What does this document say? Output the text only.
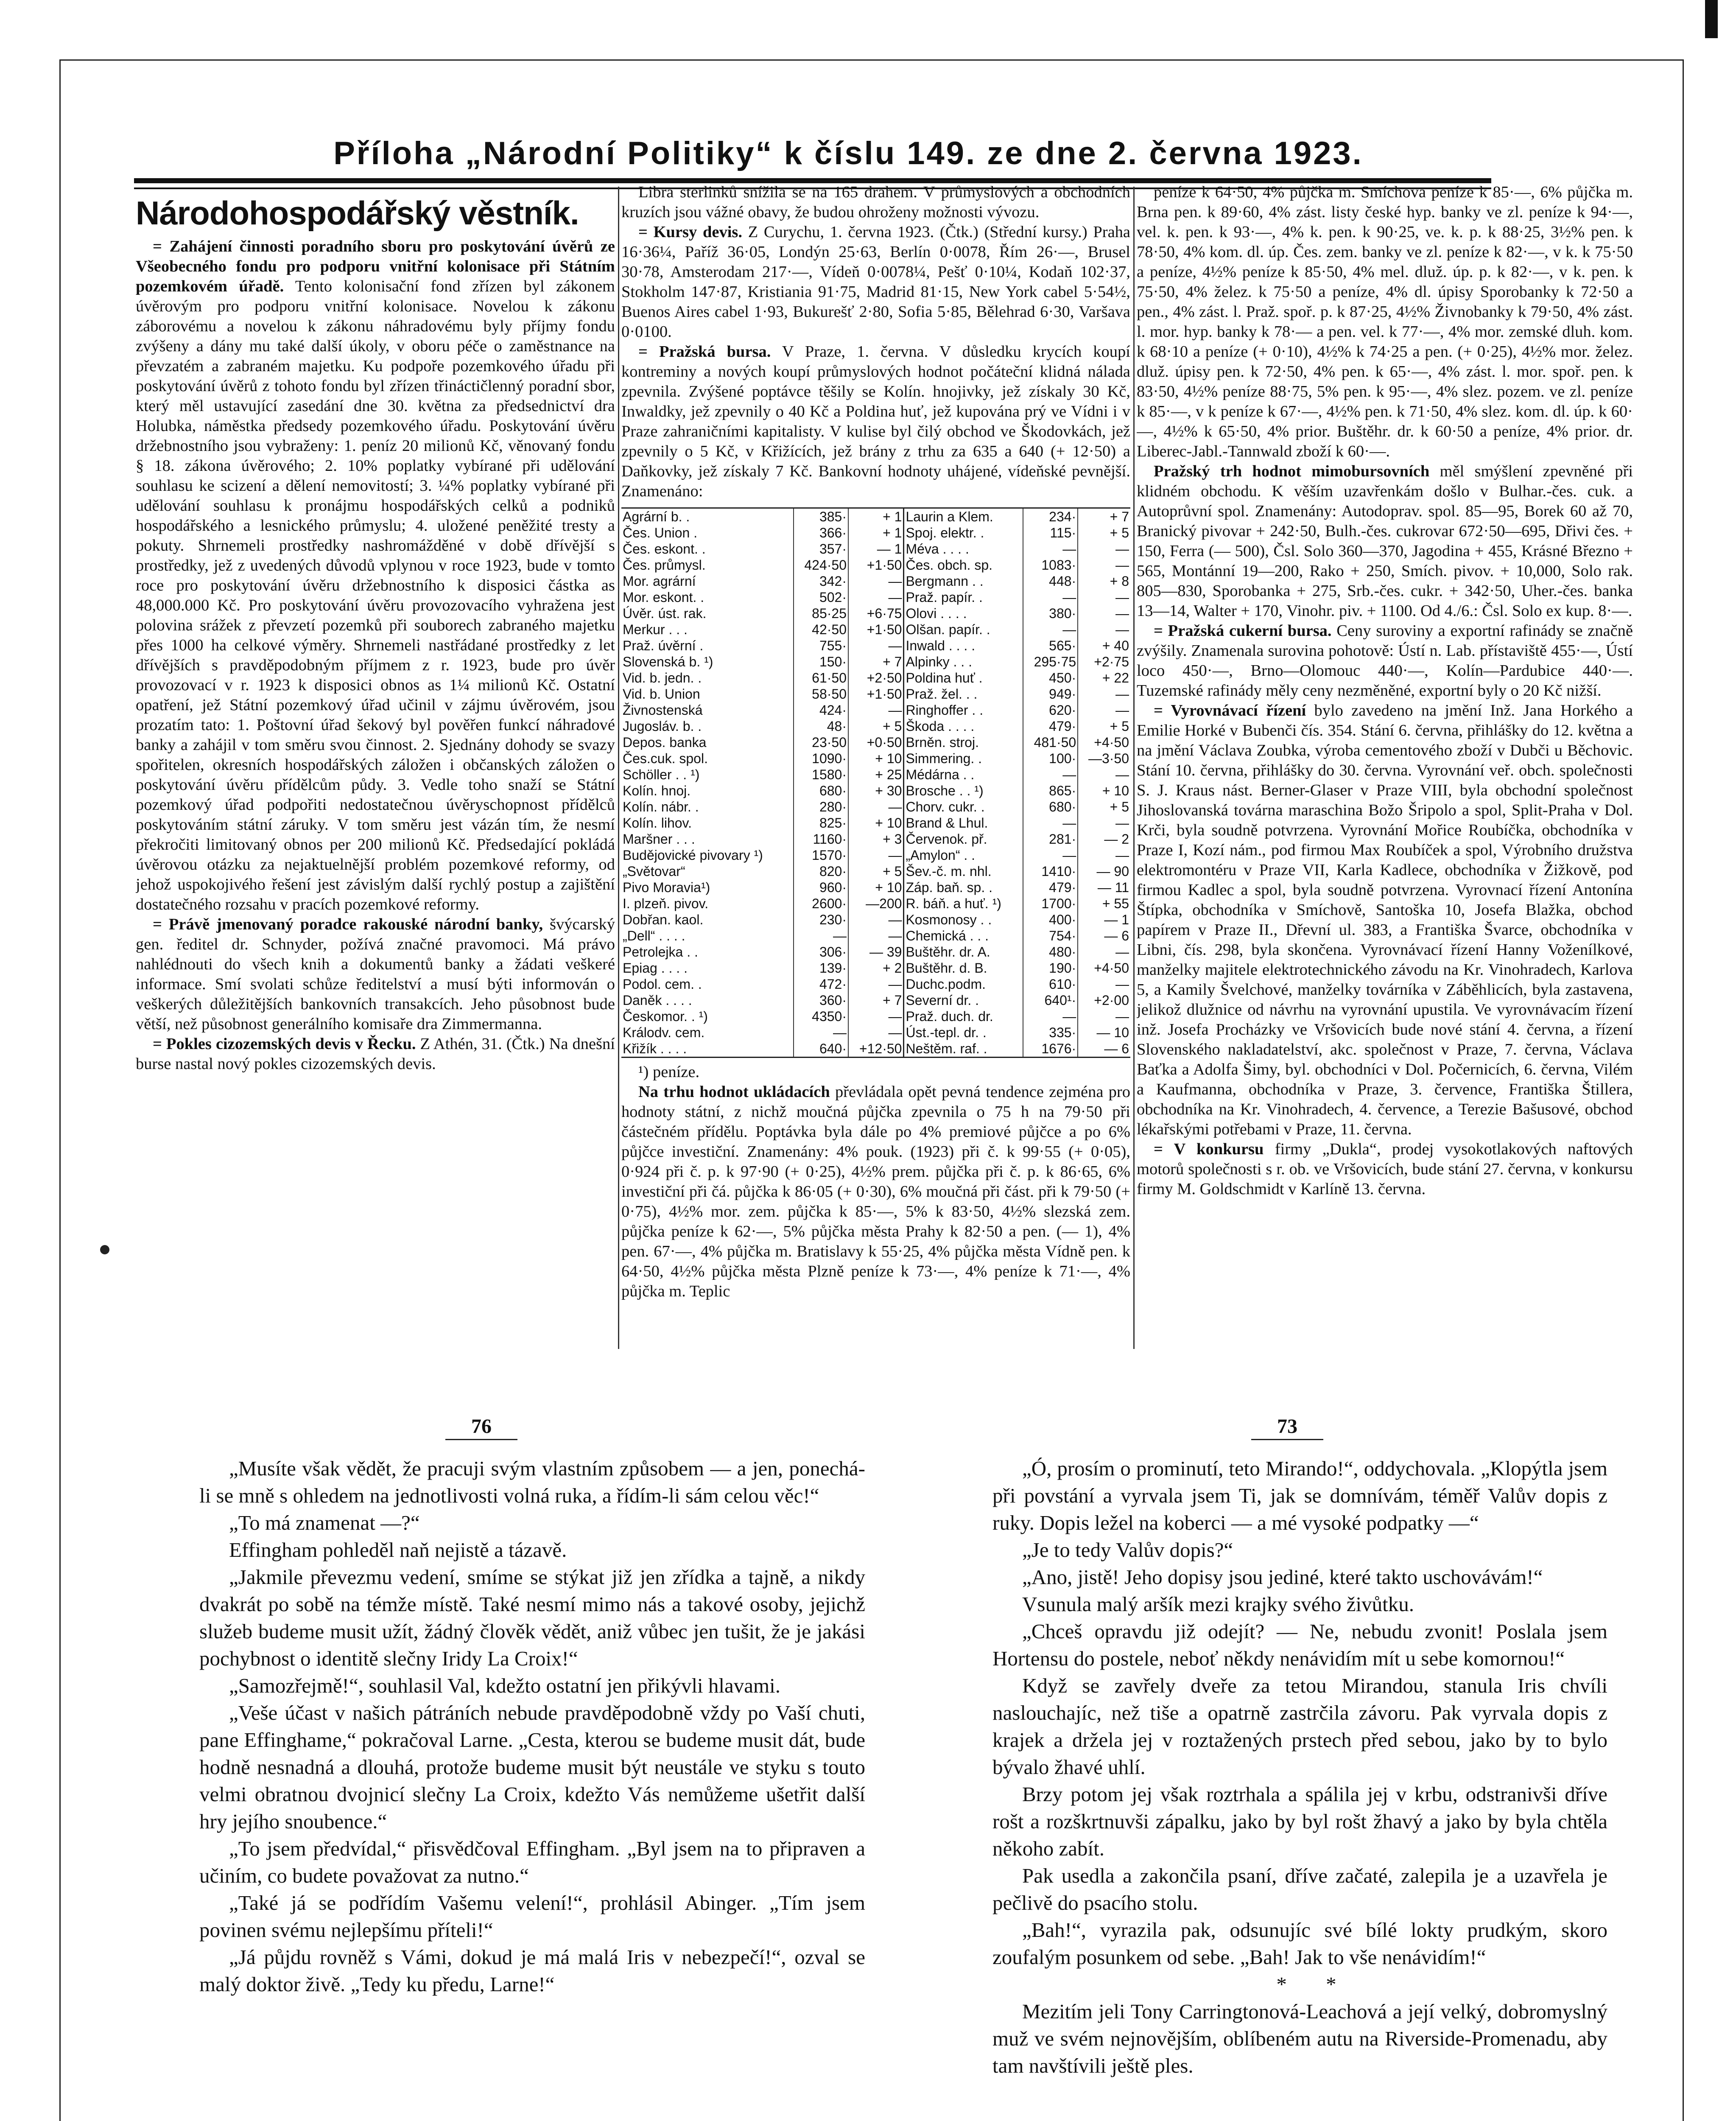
Příloha „Národní Politiky“ k číslu 149. ze dne 2. června 1923.
Národohospodářský věstník.

= Zahájení činnosti poradního sboru pro poskytování úvěrů ze Všeobecného fondu pro podporu vnitřní kolonisace při Státním pozemkovém úřadě. Tento kolonisační fond zřízen byl zákonem úvěrovým pro podporu vnitřní kolonisace. Novelou k zákonu záborovému a novelou k zákonu náhradovému byly příjmy fondu zvýšeny a dány mu také další úkoly, v oboru péče o zaměstnance na převzatém a zabraném majetku. Ku podpoře pozemkového úřadu při poskytování úvěrů z tohoto fondu byl zřízen třináctičlenný poradní sbor, který měl ustavující zasedání dne 30. května za předsednictví dra Holubka, náměstka předsedy pozemkového úřadu. Poskytování úvěru držebnostního jsou vybraženy: 1. peníz 20 milionů Kč, věnovaný fondu § 18. zákona úvěrového; 2. 10% poplatky vybírané při udělování souhlasu ke scizení a dělení nemovitostí; 3. ¼% poplatky vybírané při udělování souhlasu k pronájmu hospodářských celků a podniků hospodářského a lesnického průmyslu; 4. uložené peněžité tresty a pokuty. Shrnemeli prostředky nashromážděné v době dřívější s prostředky, jež z uvedených důvodů vplynou v roce 1923, bude v tomto roce pro poskytování úvěru držebnostního k disposici částka as 48,000.000 Kč. Pro poskytování úvěru provozovacího vyhražena jest polovina srážek z převzetí pozemků při souborech zabraného majetku přes 1000 ha celkové výměry. Shrnemeli nastřádané prostředky z let dřívějších s pravděpodobným příjmem z r. 1923, bude pro úvěr provozovací v r. 1923 k disposici obnos as 1¼ milionů Kč. Ostatní opatření, jež Státní pozemkový úřad učinil v zájmu úvěrovém, jsou prozatím tato: 1. Poštovní úřad šekový byl pověřen funkcí náhradové banky a zahájil v tom směru svou činnost. 2. Sjednány dohody se svazy spořitelen, okresních hospodářských záložen i občanských záložen o poskytování úvěru přídělcům půdy. 3. Vedle toho snaží se Státní pozemkový úřad podpořiti nedostatečnou úvěryschopnost přídělců poskytováním státní záruky. V tom směru jest vázán tím, že nesmí překročiti limitovaný obnos per 200 milionů Kč. Předsedající pokládá úvěrovou otázku za nejaktuelnější problém pozemkové reformy, od jehož uspokojivého řešení jest závislým další rychlý postup a zajištění dostatečného rozsahu v pracích pozemkové reformy.

= Právě jmenovaný poradce rakouské národní banky, švýcarský gen. ředitel dr. Schnyder, požívá značné pravomoci. Má právo nahlédnouti do všech knih a dokumentů banky a žádati veškeré informace. Smí svolati schůze ředitelství a musí býti informován o veškerých důležitějších bankovních transakcích. Jeho působnost bude větší, než působnost generálního komisaře dra Zimmermanna.

= Pokles cizozemských devis v Řecku. Z Athén, 31. (Čtk.) Na dnešní burse nastal nový pokles cizozemských devis.

Libra sterlinků snížila se na 165 drahem. V průmyslových a obchodních kruzích jsou vážné obavy, že budou ohroženy možnosti vývozu.

= Kursy devis. Z Curychu, 1. června 1923. (Čtk.) (Střední kursy.) Praha 16·36¼, Paříž 36·05, Londýn 25·63, Berlín 0·0078, Řím 26·—, Brusel 30·78, Amsterodam 217·—, Vídeň 0·0078¼, Pešť 0·10¼, Kodaň 102·37, Stokholm 147·87, Kristiania 91·75, Madrid 81·15, New York cabel 5·54½, Buenos Aires cabel 1·93, Bukurešť 2·80, Sofia 5·85, Bělehrad 6·30, Varšava 0·0100.

= Pražská bursa. V Praze, 1. června. V důsledku krycích koupí kontreminy a nových koupí průmyslových hodnot počáteční klidná nálada zpevnila. Zvýšené poptávce těšily se Kolín. hnojivky, jež získaly 30 Kč, Inwaldky, jež zpevnily o 40 Kč a Poldina huť, jež kupována prý ve Vídni i v Praze zahraničními kapitalisty. V kulise byl čilý obchod ve Škodovkách, jež zpevnily o 5 Kč, v Křižících, jež brány z trhu za 635 a 640 (+ 12·50) a Daňkovky, jež získaly 7 Kč. Bankovní hodnoty uhájené, vídeňské pevnější. Znamenáno:

Agrární b. .	385·	+ 1	Laurin a Klem.	234·	+ 7
Čes. Union .	366·	+ 1	Spoj. elektr. .	115·	+ 5
Čes. eskont. .	357·	— 1	Méva . . . .	—	—
Čes. průmysl.	424·50	+1·50	Čes. obch. sp.	1083·	—
Mor. agrární	342·	—	Bergmann . .	448·	+ 8
Mor. eskont. .	502·	—	Praž. papír. .	—	—
Úvěr. úst. rak.	85·25	+6·75	Olovi . . . .	380·	—
Merkur . . .	42·50	+1·50	Olšan. papír. .	—	—
Praž. úvěrní .	755·	—	Inwald . . . .	565·	+ 40
Slovenská b. ¹)	150·	+ 7	Alpinky . . .	295·75	+2·75
Vid. b. jedn. .	61·50	+2·50	Poldina huť .	450·	+ 22
Vid. b. Union	58·50	+1·50	Praž. žel. . .	949·	—
Živnostenská	424·	—	Ringhoffer . .	620·	—
Jugosláv. b. .	48·	+ 5	Škoda . . . .	479·	+ 5
Depos. banka	23·50	+0·50	Brněn. stroj.	481·50	+4·50
Čes.cuk. spol.	1090·	+ 10	Simmering. .	100·	—3·50
Schöller . . ¹)	1580·	+ 25	Médárna . .	—	—
Kolín. hnoj.	680·	+ 30	Brosche . . ¹)	865·	+ 10
Kolín. nábr. .	280·	—	Chorv. cukr. .	680·	+ 5
Kolín. lihov.	825·	+ 10	Brand & Lhul.	—	—
Maršner . . .	1160·	+ 3	Červenok. př.	281·	— 2
Budějovické pivovary ¹)	1570·	—	„Amylon“ . .	—	—
„Světovar“	820·	+ 5	Šev.-č. m. nhl.	1410·	— 90
Pivo Moravia¹)	960·	+ 10	Záp. baň. sp. .	479·	— 11
I. plzeň. pivov.	2600·	—200	R. báň. a huť. ¹)	1700·	+ 55
Dobřan. kaol.	230·	—	Kosmonosy . .	400·	— 1
„Dell“ . . . .	—	—	Chemická . . .	754·	— 6
Petrolejka . .	306·	— 39	Buštěhr. dr. A.	480·	—
Epiag . . . .	139·	+ 2	Buštěhr. d. B.	190·	+4·50
Podol. cem. .	472·	—	Duchc.podm.	610·	—
Daněk . . . .	360·	+ 7	Severní dr. .	640¹·	+2·00
Českomor. . ¹)	4350·	—	Praž. duch. dr.	—	—
Králodv. cem.	—	—	Úst.-tepl. dr. .	335·	— 10
Křižík . . . .	640·	+12·50	Neštěm. raf. .	1676·	— 6

¹) peníze.

Na trhu hodnot ukládacích převládala opět pevná tendence zejména pro hodnoty státní, z nichž moučná půjčka zpevnila o 75 h na 79·50 při částečném přídělu. Poptávka byla dále po 4% premiové půjčce a po 6% půjčce investiční. Znamenány: 4% pouk. (1923) při č. k 99·55 (+ 0·05), 0·924 při č. p. k 97·90 (+ 0·25), 4½% prem. půjčka při č. p. k 86·65, 6% investiční při čá. půjčka k 86·05 (+ 0·30), 6% moučná při část. při k 79·50 (+ 0·75), 4½% mor. zem. půjčka k 85·—, 5% k 83·50, 4½% slezská zem. půjčka peníze k 62·—, 5% půjčka města Prahy k 82·50 a pen. (— 1), 4% pen. 67·—, 4% půjčka m. Bratislavy k 55·25, 4% půjčka města Vídně pen. k 64·50, 4½% půjčka města Plzně peníze k 73·—, 4% peníze k 71·—, 4% půjčka m. Teplic

peníze k 64·50, 4% půjčka m. Smíchova peníze k 85·—, 6% půjčka m. Brna pen. k 89·60, 4% zást. listy české hyp. banky ve zl. peníze k 94·—, vel. k. pen. k 93·—, 4% k. pen. k 90·25, ve. k. p. k 88·25, 3½% pen. k 78·50, 4% kom. dl. úp. Čes. zem. banky ve zl. peníze k 82·—, v k. k 75·50 a peníze, 4½% peníze k 85·50, 4% mel. dluž. úp. p. k 82·—, v k. pen. k 75·50, 4% želez. k 75·50 a peníze, 4% dl. úpisy Sporobanky k 72·50 a pen., 4% zást. l. Praž. spoř. p. k 87·25, 4½% Živnobanky k 79·50, 4% zást. l. mor. hyp. banky k 78·— a pen. vel. k 77·—, 4% mor. zemské dluh. kom. k 68·10 a peníze (+ 0·10), 4½% k 74·25 a pen. (+ 0·25), 4½% mor. želez. dluž. úpisy pen. k 72·50, 4% pen. k 65·—, 4% zást. l. mor. spoř. pen. k 83·50, 4½% peníze 88·75, 5% pen. k 95·—, 4% slez. pozem. ve zl. peníze k 85·—, v k peníze k 67·—, 4½% pen. k 71·50, 4% slez. kom. dl. úp. k 60·—, 4½% k 65·50, 4% prior. Buštěhr. dr. k 60·50 a peníze, 4% prior. dr. Liberec-Jabl.-Tannwald zboží k 60·—.

Pražský trh hodnot mimobursovních měl smýšlení zpevněné při klidném obchodu. K věším uzavřenkám došlo v Bulhar.-čes. cuk. a Autoprůvní spol. Znamenány: Autodoprav. spol. 85—95, Borek 60 až 70, Branický pivovar + 242·50, Bulh.-čes. cukrovar 672·50—695, Dřivi čes. + 150, Ferra (— 500), Čsl. Solo 360—370, Jagodina + 455, Krásné Březno + 565, Montánní 19—200, Rako + 250, Smích. pivov. + 10,000, Solo rak. 805—830, Sporobanka + 275, Srb.-čes. cukr. + 342·50, Uher.-čes. banka 13—14, Walter + 170, Vinohr. piv. + 1100. Od 4./6.: Čsl. Solo ex kup. 8·—.

= Pražská cukerní bursa. Ceny suroviny a exportní rafinády se značně zvýšily. Znamenala surovina pohotově: Ústí n. Lab. přístaviště 455·—, Ústí loco 450·—, Brno—Olomouc 440·—, Kolín—Pardubice 440·—. Tuzemské rafinády měly ceny nezměněné, exportní byly o 20 Kč nižší.

= Vyrovnávací řízení bylo zavedeno na jmění Inž. Jana Horkého a Emilie Horké v Bubenči čís. 354. Stání 6. června, přihlášky do 12. května a na jmění Václava Zoubka, výroba cementového zboží v Dubči u Běchovic. Stání 10. června, přihlášky do 30. června. Vyrovnání veř. obch. společnosti S. J. Kraus nást. Berner-Glaser v Praze VIII, byla obchodní společnost Jihoslovanská továrna maraschina Božo Šripolo a spol, Split-Praha v Dol. Krči, byla soudně potvrzena. Vyrovnání Mořice Roubíčka, obchodníka v Praze I, Kozí nám., pod firmou Max Roubíček a spol, Výrobního družstva elektromontéru v Praze VII, Karla Kadlece, obchodníka v Žižkově, pod firmou Kadlec a spol, byla soudně potvrzena. Vyrovnací řízení Antonína Štípka, obchodníka v Smíchově, Santoška 10, Josefa Blažka, obchod papírem v Praze II., Dřevní ul. 383, a Františka Švarce, obchodníka v Libni, čís. 298, byla skončena. Vyrovnávací řízení Hanny Voženílkové, manželky majitele elektrotechnického závodu na Kr. Vinohradech, Karlova 5, a Kamily Švelchové, manželky továrníka v Záběhlicích, byla zastavena, jelikož dlužnice od návrhu na vyrovnání upustila. Ve vyrovnávacím řízení inž. Josefa Procházky ve Vršovicích bude nové stání 4. června, a řízení Slovenského nakladatelství, akc. společnost v Praze, 7. června, Václava Baťka a Adolfa Šimy, byl. obchodníci v Dol. Počernicích, 6. června, Vilém a Kaufmanna, obchodníka v Praze, 3. července, Františka Štillera, obchodníka na Kr. Vinohradech, 4. července, a Terezie Bašusové, obchod lékařskými potřebami v Praze, 11. června.

= V konkursu firmy „Dukla“, prodej vysokotlakových naftových motorů společnosti s r. ob. ve Vršovicích, bude stání 27. června, v konkursu firmy M. Goldschmidt v Karlíně 13. června.

76	73

„Musíte však vědět, že pracuji svým vlastním způsobem — a jen, ponechá-li se mně s ohledem na jednotlivosti volná ruka, a řídím-li sám celou věc!“

„To má znamenat —?“

Effingham pohleděl naň nejistě a tázavě.

„Jakmile převezmu vedení, smíme se stýkat již jen zřídka a tajně, a nikdy dvakrát po sobě na témže místě. Také nesmí mimo nás a takové osoby, jejichž služeb budeme musit užít, žádný člověk vědět, aniž vůbec jen tušit, že je jakási pochybnost o identitě slečny Iridy La Croix!“

„Samozřejmě!“, souhlasil Val, kdežto ostatní jen přikývli hlavami.

„Veše účast v našich pátráních nebude pravděpodobně vždy po Vaší chuti, pane Effinghame,“ pokračoval Larne. „Cesta, kterou se budeme musit dát, bude hodně nesnadná a dlouhá, protože budeme musit být neustále ve styku s touto velmi obratnou dvojnicí slečny La Croix, kdežto Vás nemůžeme ušetřit další hry jejího snoubence.“

„To jsem předvídal,“ přisvědčoval Effingham. „Byl jsem na to připraven a učiním, co budete považovat za nutno.“

„Také já se podřídím Vašemu velení!“, prohlásil Abinger. „Tím jsem povinen svému nejlepšímu příteli!“

„Já půjdu rovněž s Vámi, dokud je má malá Iris v nebezpečí!“, ozval se malý doktor živě. „Tedy ku předu, Larne!“

„Ó, prosím o prominutí, teto Mirando!“, oddychovala. „Klopýtla jsem při povstání a vyrvala jsem Ti, jak se domnívám, téměř Valův dopis z ruky. Dopis ležel na koberci — a mé vysoké podpatky —“

„Je to tedy Valův dopis?“

„Ano, jistě! Jeho dopisy jsou jediné, které takto uschovávám!“

Vsunula malý aršík mezi krajky svého živůtku.

„Chceš opravdu již odejít? — Ne, nebudu zvonit! Poslala jsem Hortensu do postele, neboť někdy nenávidím mít u sebe komornou!“

Když se zavřely dveře za tetou Mirandou, stanula Iris chvíli naslouchajíc, než tiše a opatrně zastrčila závoru. Pak vyrvala dopis z krajek a držela jej v roztažených prstech před sebou, jako by to bylo bývalo žhavé uhlí.

Brzy potom jej však roztrhala a spálila jej v krbu, odstranivši dříve rošt a rozškrtnuvši zápalku, jako by byl rošt žhavý a jako by byla chtěla někoho zabít.

Pak usedla a zakončila psaní, dříve začaté, zalepila je a uzavřela je pečlivě do psacího stolu.

„Bah!“, vyrazila pak, odsunujíc své bílé lokty prudkým, skoro zoufalým posunkem od sebe. „Bah! Jak to vše nenávidím!“

* *

Mezitím jeli Tony Carringtonová-Leachová a její velký, dobromyslný muž ve svém nejnovějším, oblíbeném autu na Riverside-Promenadu, aby tam navštívili ještě ples.
